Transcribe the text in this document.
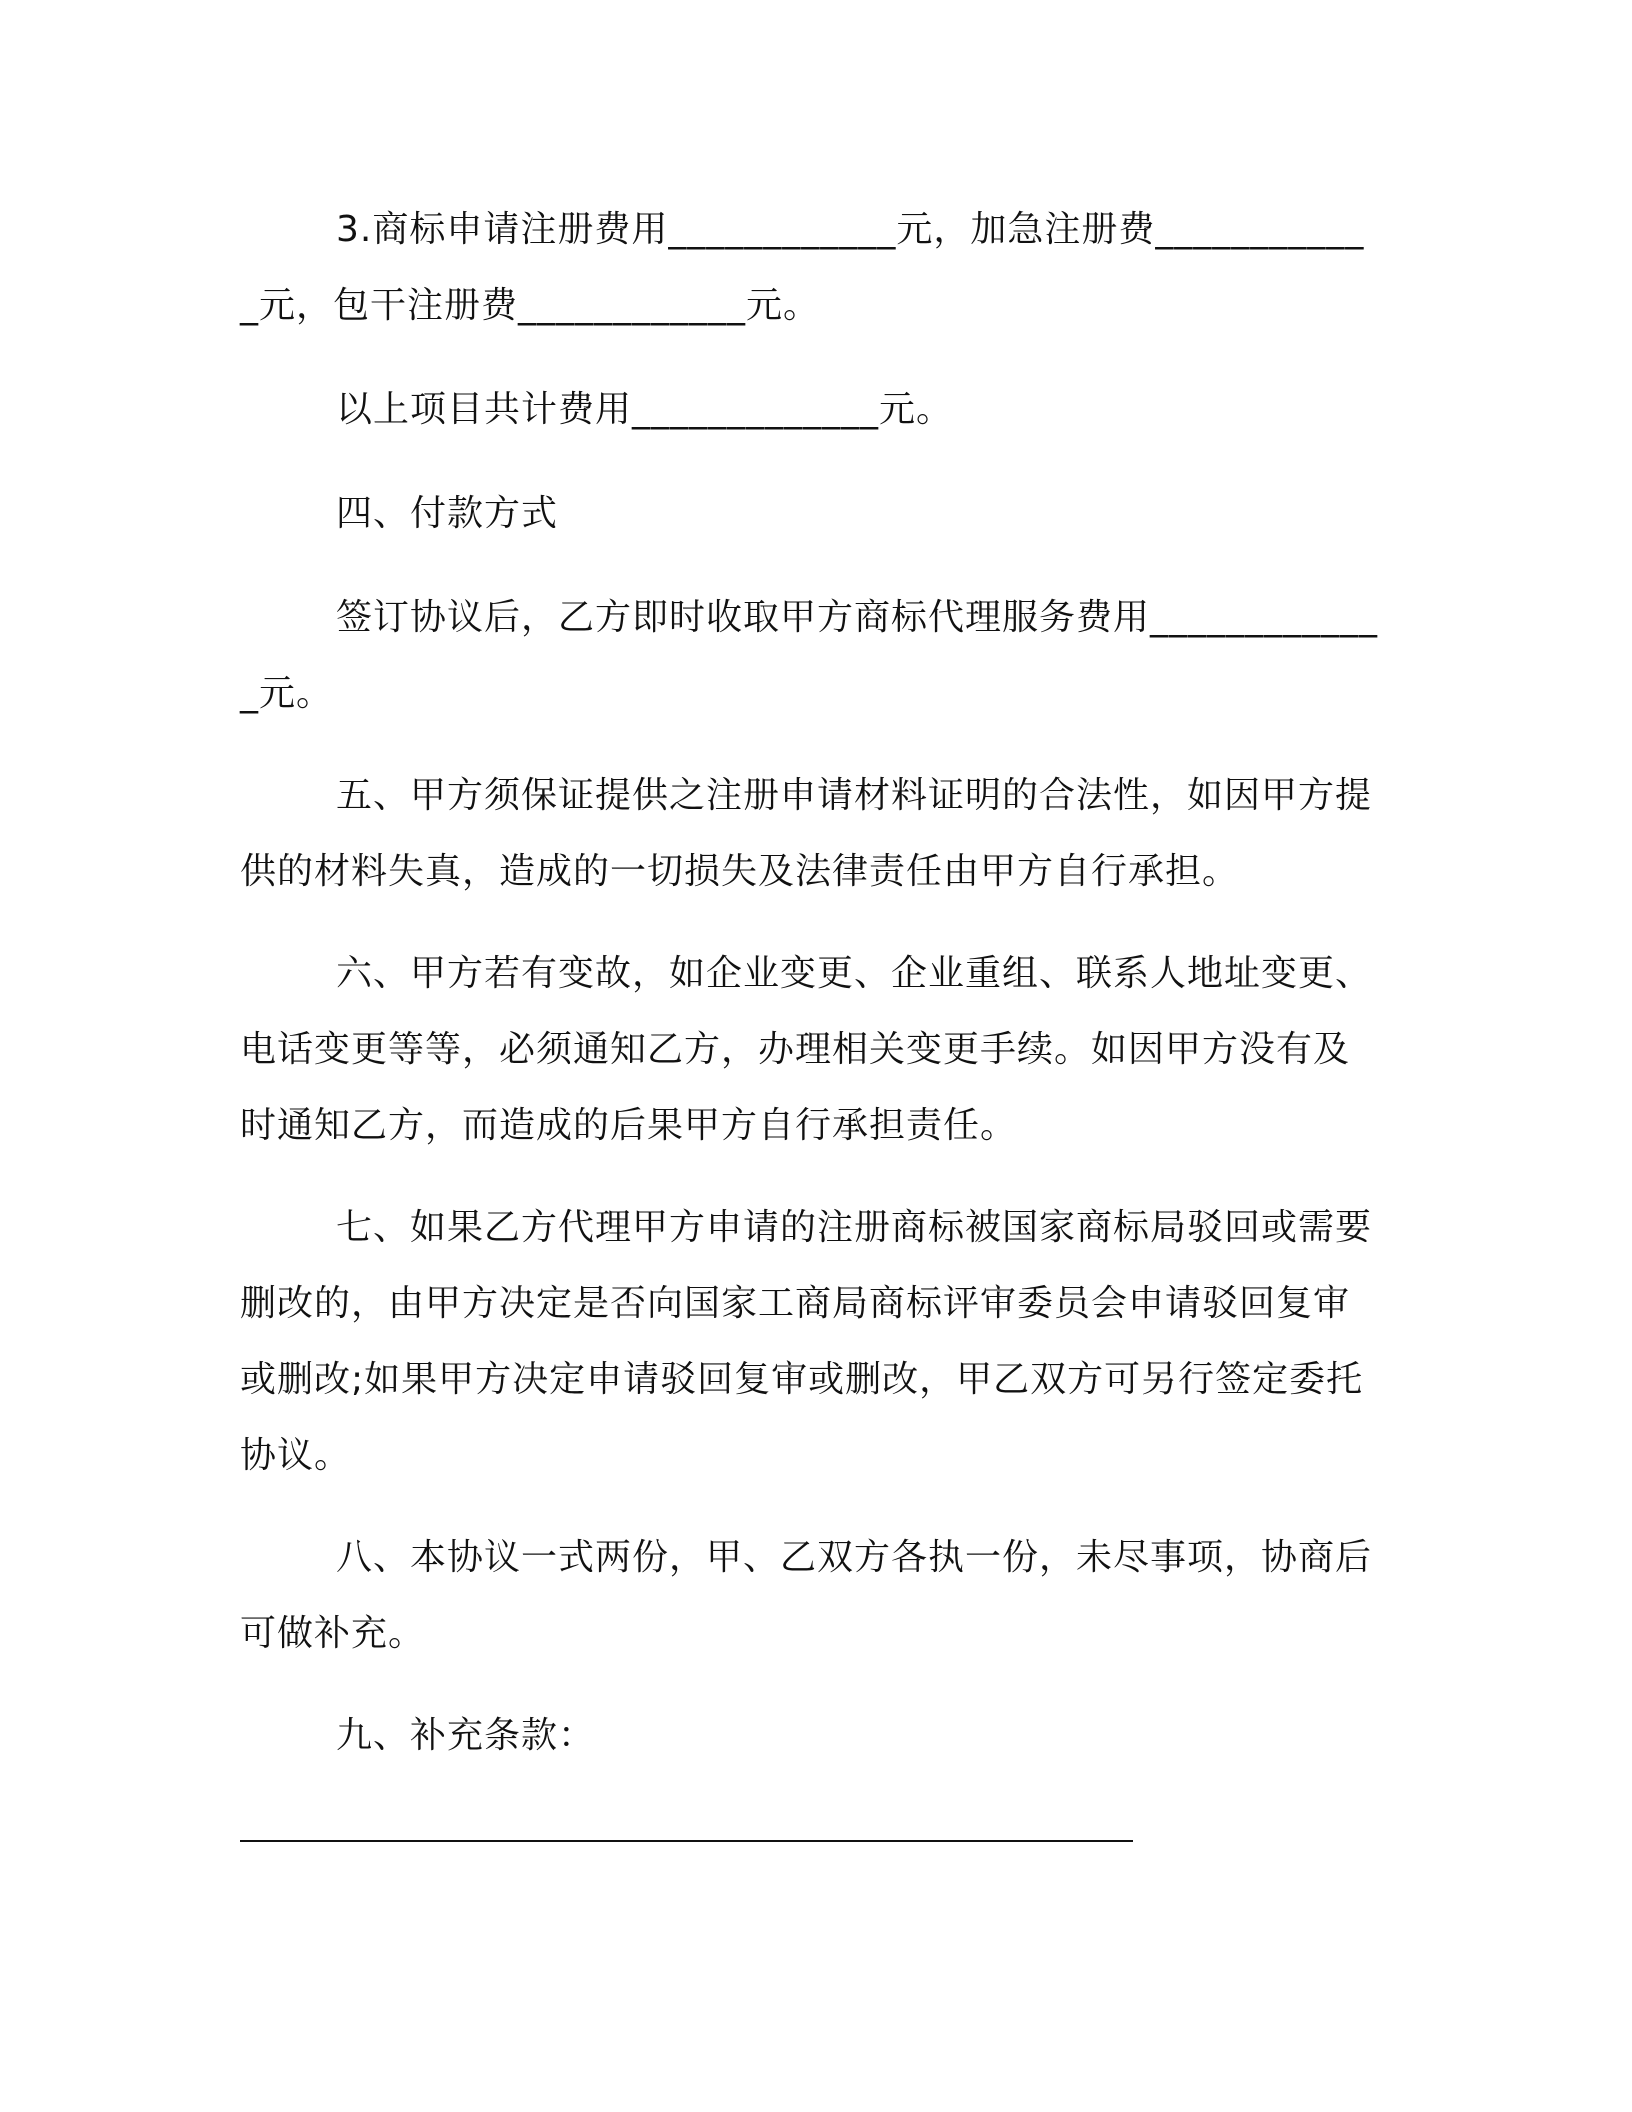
3.商标申请注册费用____________元，加急注册费____________元，包干注册费____________元。

以上项目共计费用_____________元。

四、付款方式

签订协议后，乙方即时收取甲方商标代理服务费用_____________元。

五、甲方须保证提供之注册申请材料证明的合法性，如因甲方提供的材料失真，造成的一切损失及法律责任由甲方自行承担。

六、甲方若有变故，如企业变更、企业重组、联系人地址变更、电话变更等等，必须通知乙方，办理相关变更手续。如因甲方没有及时通知乙方，而造成的后果甲方自行承担责任。

七、如果乙方代理甲方申请的注册商标被国家商标局驳回或需要删改的，由甲方决定是否向国家工商局商标评审委员会申请驳回复审或删改;如果甲方决定申请驳回复审或删改，甲乙双方可另行签定委托协议。

八、本协议一式两份，甲、乙双方各执一份，未尽事项，协商后可做补充。

九、补充条款：
